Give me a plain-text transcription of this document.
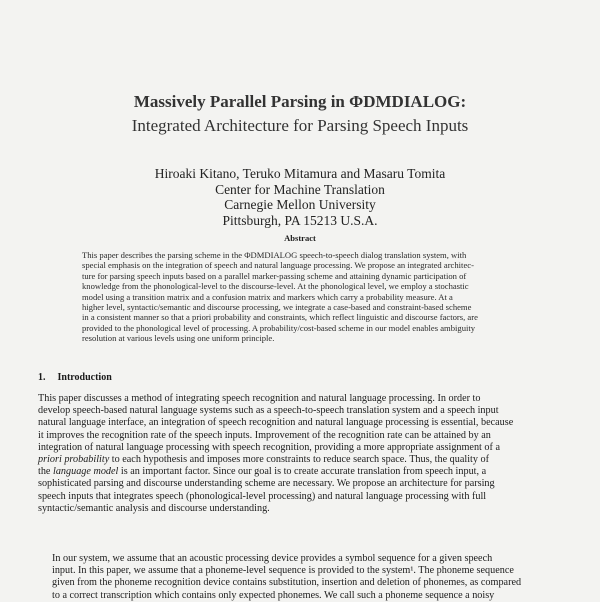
Massively Parallel Parsing in ΦDMDIALOG:
Integrated Architecture for Parsing Speech Inputs
Hiroaki Kitano, Teruko Mitamura and Masaru Tomita
Center for Machine Translation
Carnegie Mellon University
Pittsburgh, PA 15213 U.S.A.
Abstract
This paper describes the parsing scheme in the ΦDMDIALOG speech-to-speech dialog translation system, with
special emphasis on the integration of speech and natural language processing. We propose an integrated architec-
ture for parsing speech inputs based on a parallel marker-passing scheme and attaining dynamic participation of
knowledge from the phonological-level to the discourse-level. At the phonological level, we employ a stochastic
model using a transition matrix and a confusion matrix and markers which carry a probability measure. At a
higher level, syntactic/semantic and discourse processing, we integrate a case-based and constraint-based scheme
in a consistent manner so that a priori probability and constraints, which reflect linguistic and discourse factors, are
provided to the phonological level of processing. A probability/cost-based scheme in our model enables ambiguity
resolution at various levels using one uniform principle.
1. Introduction
This paper discusses a method of integrating speech recognition and natural language processing. In order to
develop speech-based natural language systems such as a speech-to-speech translation system and a speech input
natural language interface, an integration of speech recognition and natural language processing is essential, because
it improves the recognition rate of the speech inputs. Improvement of the recognition rate can be attained by an
integration of natural language processing with speech recognition, providing a more appropriate assignment of a
priori probability to each hypothesis and imposes more constraints to reduce search space. Thus, the quality of
the language model is an important factor. Since our goal is to create accurate translation from speech input, a
sophisticated parsing and discourse understanding scheme are necessary. We propose an architecture for parsing
speech inputs that integrates speech (phonological-level processing) and natural language processing with full
syntactic/semantic analysis and discourse understanding.
In our system, we assume that an acoustic processing device provides a symbol sequence for a given speech
input. In this paper, we assume that a phoneme-level sequence is provided to the system¹. The phoneme sequence
given from the phoneme recognition device contains substitution, insertion and deletion of phonemes, as compared
to a correct transcription which contains only expected phonemes. We call such a phoneme sequence a noisy
